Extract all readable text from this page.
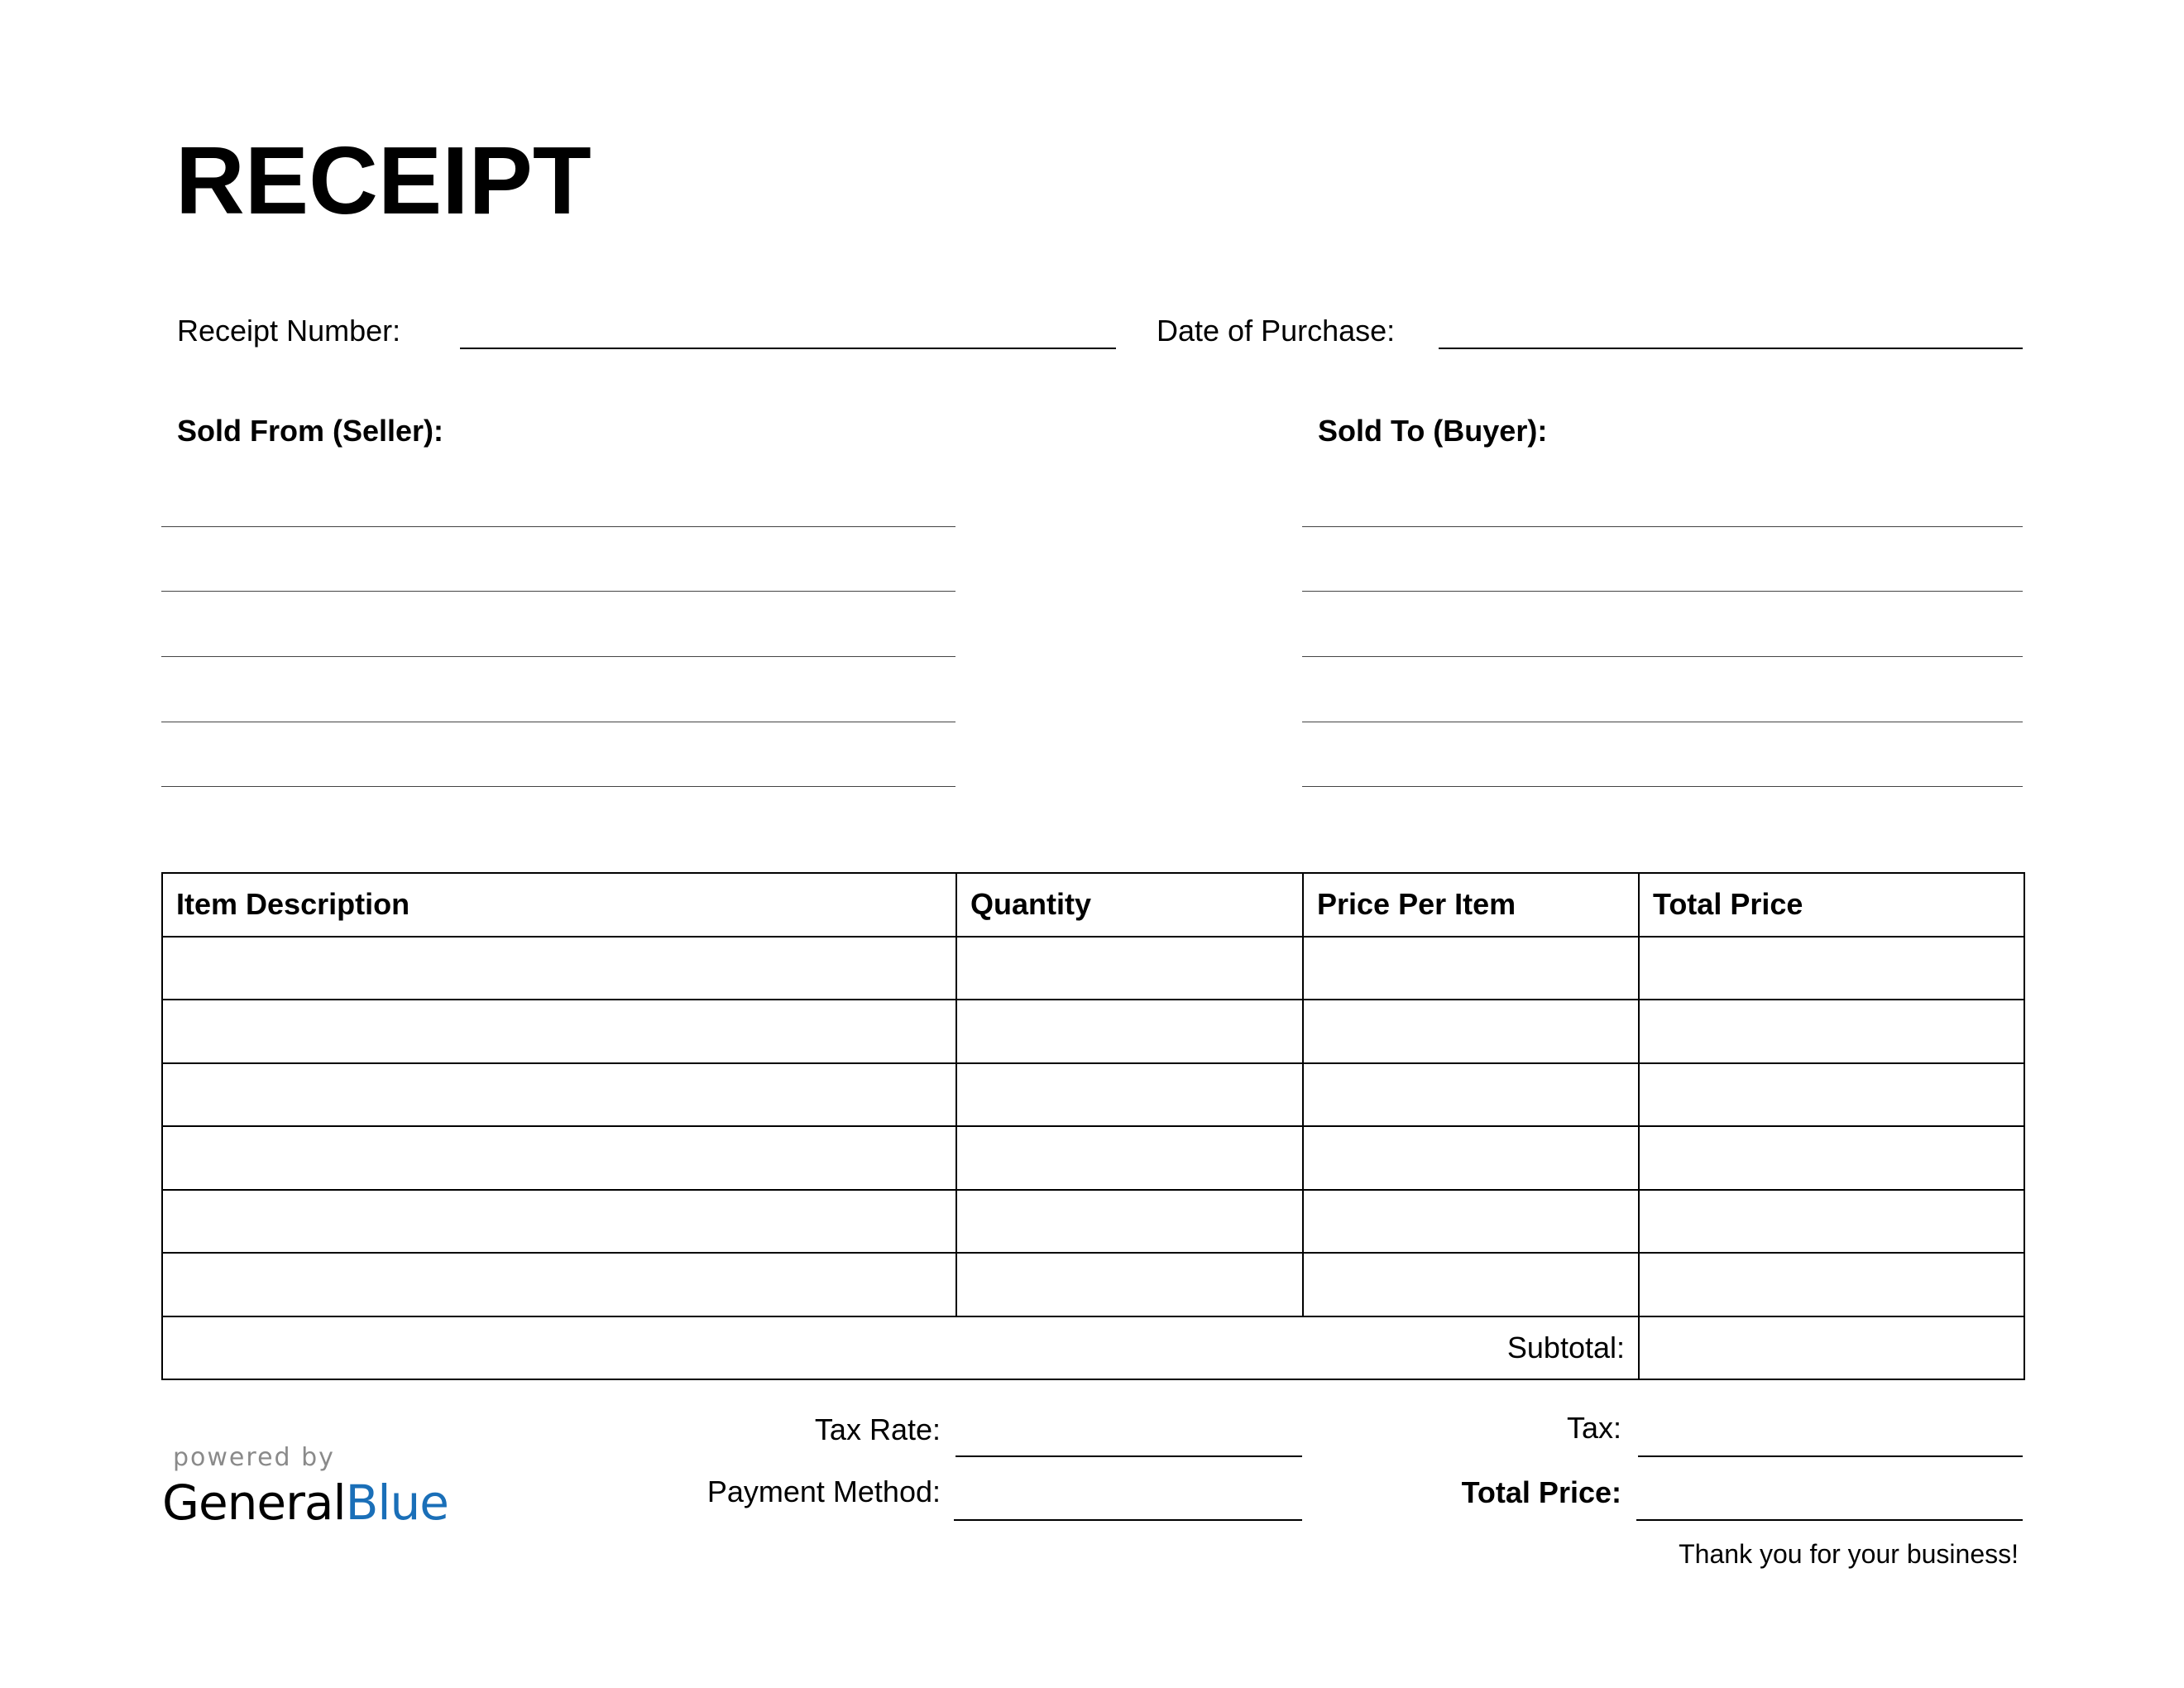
RECEIPT
Receipt Number:	Date of Purchase:
Sold From (Seller):	Sold To (Buyer):
Item Description	Quantity	Price Per Item	Total Price

Subtotal:			
Tax Rate:
Payment Method:
Tax:
Total Price:
Thank you for your business!
powered by
GeneralBlue
